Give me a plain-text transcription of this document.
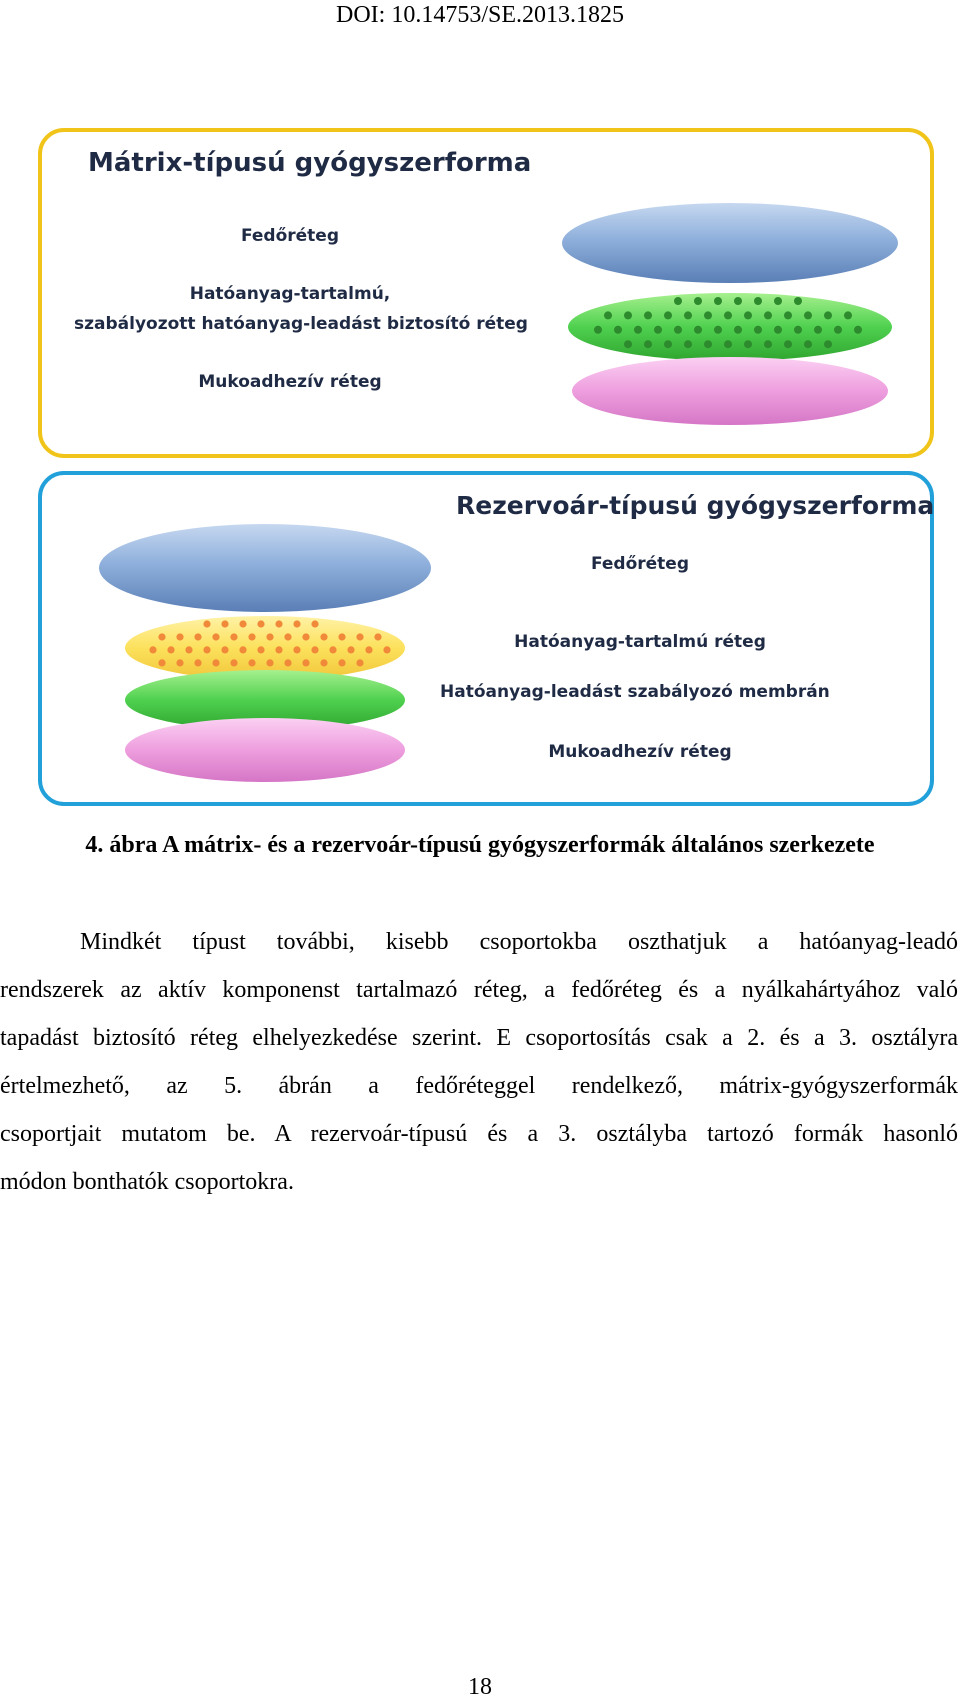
DOI: 10.14753/SE.2013.1825
Mátrix-típusú gyógyszerforma
Fedőréteg
Hatóanyag-tartalmú,
szabályozott hatóanyag-leadást biztosító réteg
Mukoadhezív réteg
Rezervoár-típusú gyógyszerforma
Fedőréteg
Hatóanyag-tartalmú réteg
Hatóanyag-leadást szabályozó membrán
Mukoadhezív réteg
4. ábra A mátrix- és a rezervoár-típusú gyógyszerformák általános szerkezete
Mindkét típust további, kisebb csoportokba oszthatjuk a hatóanyag-leadó
rendszerek az aktív komponenst tartalmazó réteg, a fedőréteg és a nyálkahártyához való
tapadást biztosító réteg elhelyezkedése szerint. E csoportosítás csak a 2. és a 3. osztályra
értelmezhető, az 5. ábrán a fedőréteggel rendelkező, mátrix-gyógyszerformák
csoportjait mutatom be. A rezervoár-típusú és a 3. osztályba tartozó formák hasonló
módon bonthatók csoportokra.
18
